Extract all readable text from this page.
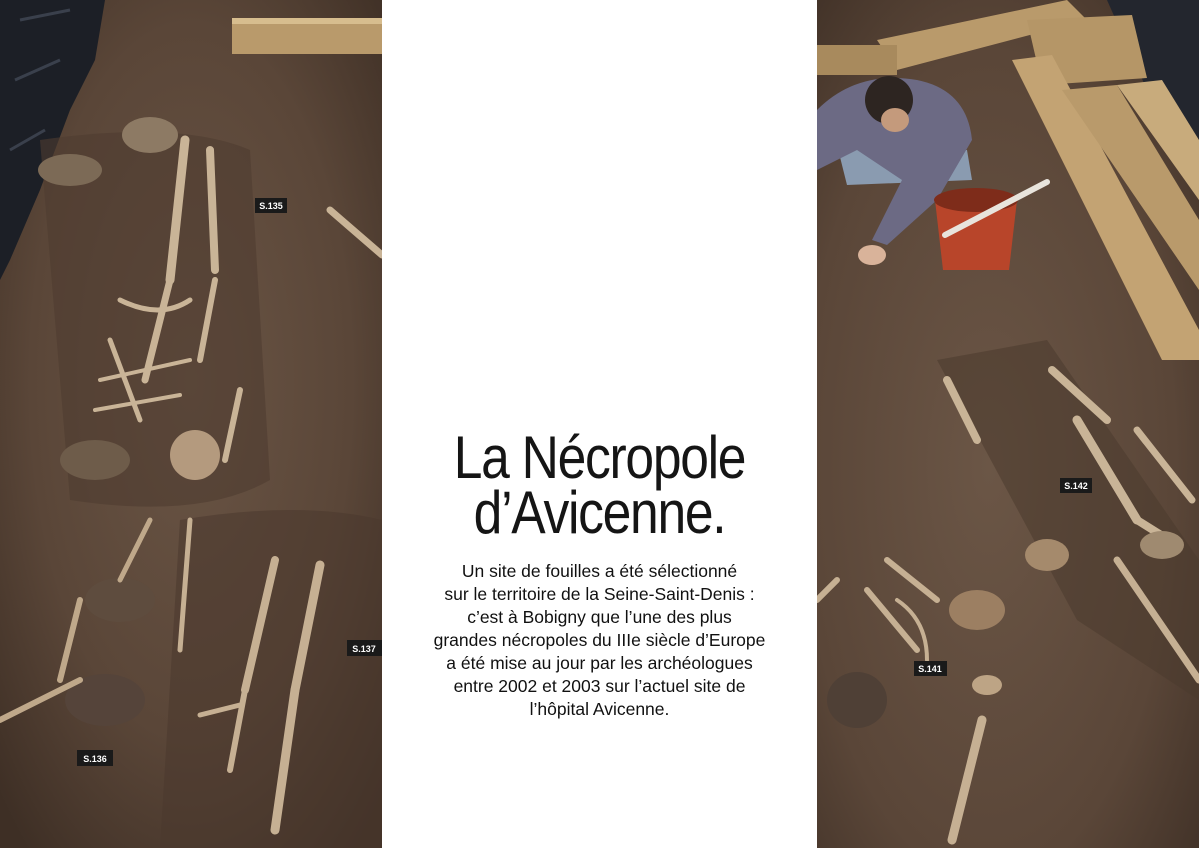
S.135
S.137
S.136
La Nécropole
d’Avicenne.

Un site de fouilles a été sélectionné
sur le territoire de la Seine-Saint-Denis :
c’est à Bobigny que l’une des plus
grandes nécropoles du IIIe siècle d’Europe
a été mise au jour par les archéologues
entre 2002 et 2003 sur l’actuel site de
l’hôpital Avicenne.

S.142
S.141
